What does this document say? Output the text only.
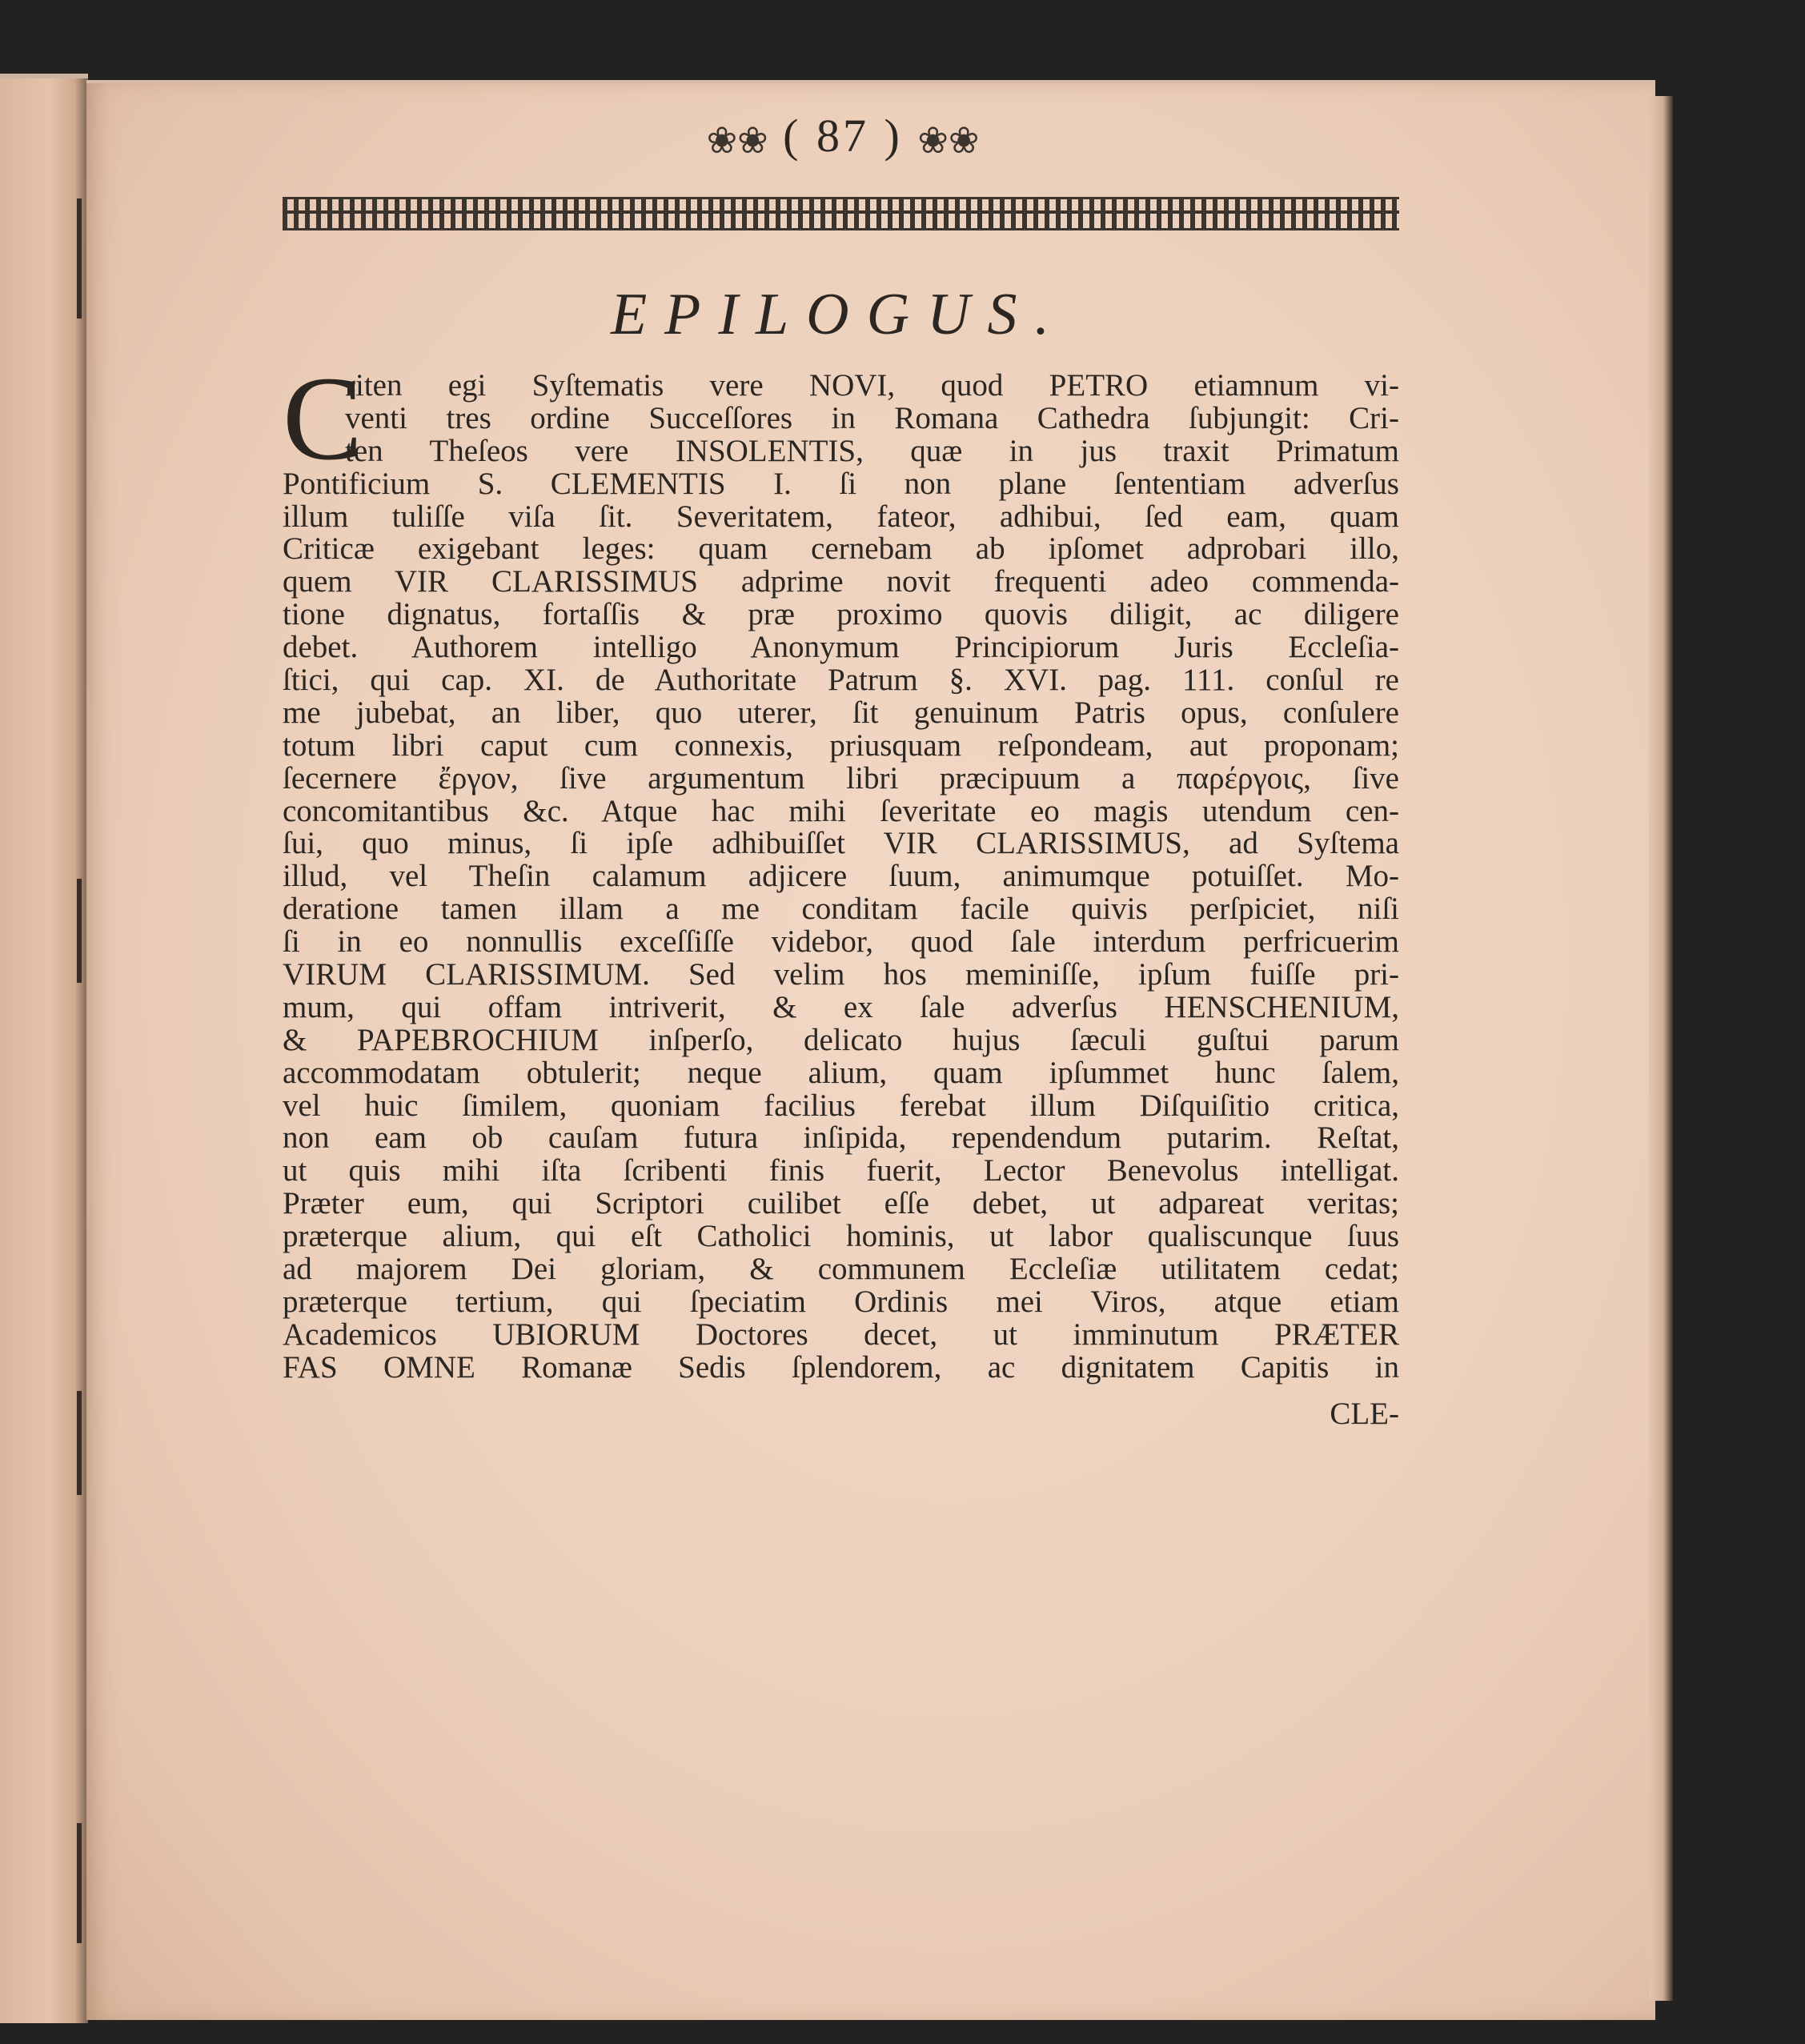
❀❀ ( 87 ) ❀❀
EPILOGUS.
C
riten egi Syſtematis vere NOVI, quod PETRO etiamnum vi-
venti tres ordine Succeſſores in Romana Cathedra ſubjungit: Cri-
ten Theſeos vere INSOLENTIS, quæ in jus traxit Primatum
Pontificium S. CLEMENTIS I. ſi non plane ſententiam adverſus
illum tuliſſe viſa ſit. Severitatem, fateor, adhibui, ſed eam, quam
Criticæ exigebant leges: quam cernebam ab ipſomet adprobari illo,
quem VIR CLARISSIMUS adprime novit frequenti adeo commenda-
tione dignatus, fortaſſis & præ proximo quovis diligit, ac diligere
debet. Authorem intelligo Anonymum Principiorum Juris Eccleſia-
ſtici, qui cap. XI. de Authoritate Patrum §. XVI. pag. 111. conſul re
me jubebat, an liber, quo uterer, ſit genuinum Patris opus, conſulere
totum libri caput cum connexis, priusquam reſpondeam, aut proponam;
ſecernere ἔργον, ſive argumentum libri præcipuum a παρέργοις, ſive
concomitantibus &c. Atque hac mihi ſeveritate eo magis utendum cen-
ſui, quo minus, ſi ipſe adhibuiſſet VIR CLARISSIMUS, ad Syſtema
illud, vel Theſin calamum adjicere ſuum, animumque potuiſſet. Mo-
deratione tamen illam a me conditam facile quivis perſpiciet, niſi
ſi in eo nonnullis exceſſiſſe videbor, quod ſale interdum perfricuerim
VIRUM CLARISSIMUM. Sed velim hos meminiſſe, ipſum fuiſſe pri-
mum, qui offam intriverit, & ex ſale adverſus HENSCHENIUM,
& PAPEBROCHIUM inſperſo, delicato hujus ſæculi guſtui parum
accommodatam obtulerit; neque alium, quam ipſummet hunc ſalem,
vel huic ſimilem, quoniam facilius ferebat illum Diſquiſitio critica,
non eam ob cauſam futura inſipida, rependendum putarim. Reſtat,
ut quis mihi iſta ſcribenti finis fuerit, Lector Benevolus intelligat.
Præter eum, qui Scriptori cuilibet eſſe debet, ut adpareat veritas;
præterque alium, qui eſt Catholici hominis, ut labor qualiscunque ſuus
ad majorem Dei gloriam, & communem Eccleſiæ utilitatem cedat;
præterque tertium, qui ſpeciatim Ordinis mei Viros, atque etiam
Academicos UBIORUM Doctores decet, ut imminutum PRÆTER
FAS OMNE Romanæ Sedis ſplendorem, ac dignitatem Capitis in
CLE-
